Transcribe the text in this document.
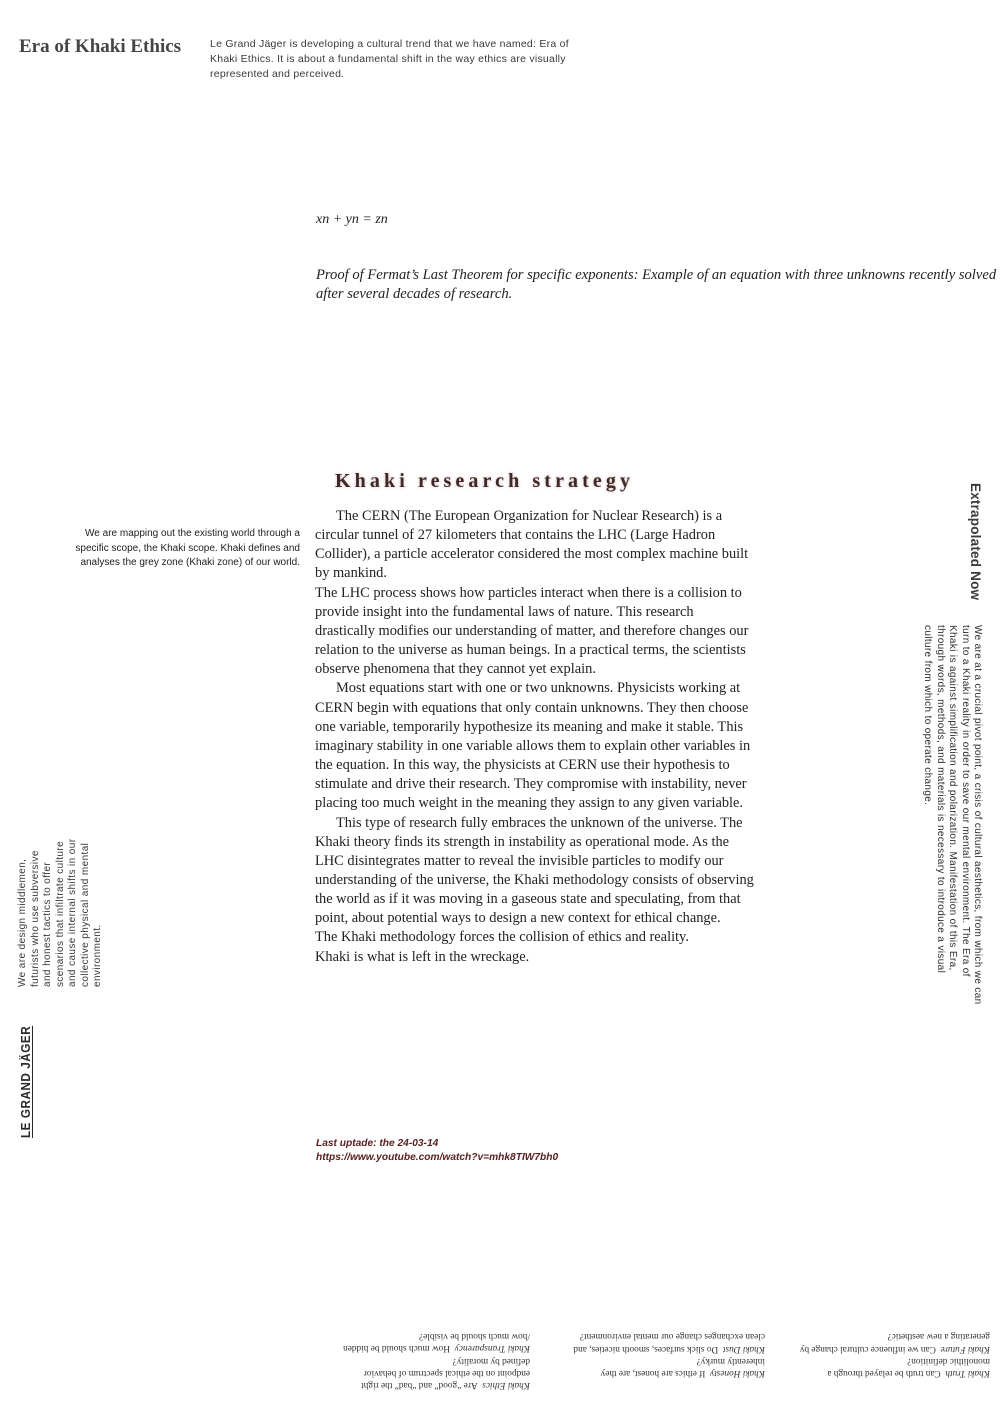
Era of Khaki Ethics	Le Grand Jäger is developing a cultural trend that we have named: Era of Khaki Ethics. It is about a fundamental shift in the way ethics are visually represented and perceived.
xn + yn = zn
Proof of Fermat’s Last Theorem for specific exponents: Example of an equation with three unknowns recently solved after several decades of research.
We are mapping out the existing world through a specific scope, the Khaki scope. Khaki defines and analyses the grey zone (Khaki zone) of our world.
We are design middlemen, futurists who use subversive and honest tactics to offer scenarios that infiltrate culture and cause internal shifts in our collective physical and mental environment.
LE GRAND JÄGER
Khaki research strategy

The CERN (The European Organization for Nuclear Research) is a circular tunnel of 27 kilometers that contains the LHC (Large Hadron Collider), a particle accelerator considered the most complex machine built by mankind.

The LHC process shows how particles interact when there is a collision to provide insight into the fundamental laws of nature. This research drastically modifies our understanding of matter, and therefore changes our relation to the universe as human beings. In a practical terms, the scientists observe phenomena that they cannot yet explain.

Most equations start with one or two unknowns. Physicists working at CERN begin with equations that only contain unknowns. They then choose one variable, temporarily hypothesize its meaning and make it stable. This imaginary stability in one variable allows them to explain other variables in the equation. In this way, the physicists at CERN use their hypothesis to stimulate and drive their research. They compromise with instability, never placing too much weight in the meaning they assign to any given variable.

This type of research fully embraces the unknown of the universe. The Khaki theory finds its strength in instability as operational mode. As the LHC disintegrates matter to reveal the invisible particles to modify our understanding of the universe, the Khaki methodology consists of observing the world as if it was moving in a gaseous state and speculating, from that point, about potential ways to design a new context for ethical change.

The Khaki methodology forces the collision of ethics and reality.

Khaki is what is left in the wreckage.

Last uptade: the 24-03-14
https://www.youtube.com/watch?v=mhk8TIW7bh0
Extrapolated Now
We are at a crucial pivot point, a crisis of cultural aesthetics, from which we can turn to a Khaki reality in order to save our mental environment. The Era of Khaki is against simplification and polarization. Manifestation of this Era, through words, methods, and materials is necessary to introduce a visual culture from which to operate change.

Khaki Ethics  Are “good” and “bad” the right endpoint on the ethical spectrum of behavior defined by morality?

Khaki Transparency  How much should be hidden /how much should be visible?

Khaki Honesty  If ethics are honest, are they inherently murky?

Khaki Dust  Do slick surfaces, smooth niceties, and clean exchanges change our mental environment?

Khaki Truth  Can truth be relayed through a monolithic definition?

Khaki Future  Can we influence cultural change by generating a new aesthetic?
